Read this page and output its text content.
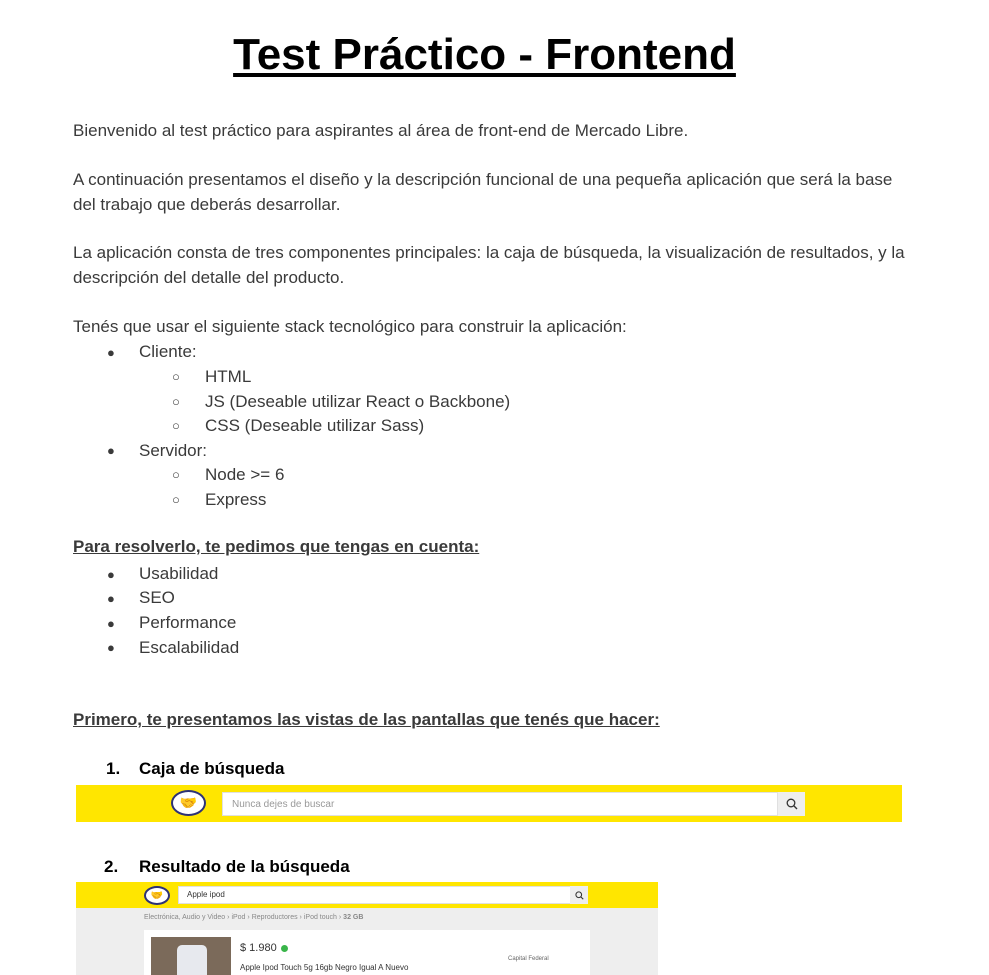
Test Práctico - Frontend

Bienvenido al test práctico para aspirantes al área de front-end de Mercado Libre.

A continuación presentamos el diseño y la descripción funcional de una pequeña aplicación que será la base del trabajo que deberás desarrollar.

La aplicación consta de tres componentes principales: la caja de búsqueda, la visualización de resultados, y la descripción del detalle del producto.

Tenés que usar el siguiente stack tecnológico para construir la aplicación:

● Cliente:
○ HTML
○ JS (Deseable utilizar React o Backbone)
○ CSS (Deseable utilizar Sass)
● Servidor:
○ Node >= 6
○ Express
Para resolverlo, te pedimos que tengas en cuenta:
● Usabilidad
● SEO
● Performance
● Escalabilidad
Primero, te presentamos las vistas de las pantallas que tenés que hacer:
1. Caja de búsqueda
🤝	Nunca dejes de buscar
2. Resultado de la búsqueda
🤝	Apple ipod
Electrónica, Audio y Video › iPod › Reproductores › iPod touch › 32 GB
$ 1.980
Apple Ipod Touch 5g 16gb Negro Igual A Nuevo
Capital Federal
